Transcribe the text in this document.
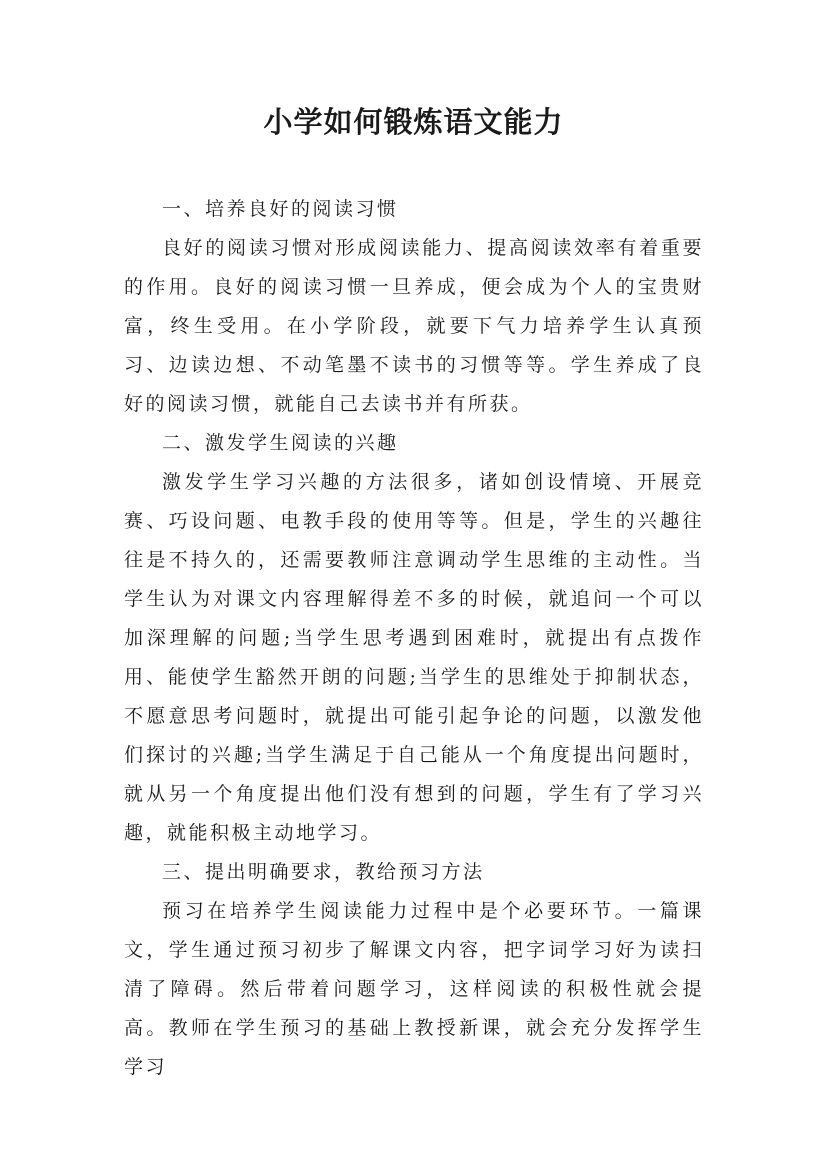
小学如何锻炼语文能力

一、培养良好的阅读习惯

良好的阅读习惯对形成阅读能力、提高阅读效率有着重要的作用。良好的阅读习惯一旦养成，便会成为个人的宝贵财富，终生受用。在小学阶段，就要下气力培养学生认真预习、边读边想、不动笔墨不读书的习惯等等。学生养成了良好的阅读习惯，就能自己去读书并有所获。

二、激发学生阅读的兴趣

激发学生学习兴趣的方法很多，诸如创设情境、开展竞赛、巧设问题、电教手段的使用等等。但是，学生的兴趣往往是不持久的，还需要教师注意调动学生思维的主动性。当学生认为对课文内容理解得差不多的时候，就追问一个可以加深理解的问题;当学生思考遇到困难时，就提出有点拨作用、能使学生豁然开朗的问题;当学生的思维处于抑制状态，不愿意思考问题时，就提出可能引起争论的问题，以激发他们探讨的兴趣;当学生满足于自己能从一个角度提出问题时，就从另一个角度提出他们没有想到的问题，学生有了学习兴趣，就能积极主动地学习。

三、提出明确要求，教给预习方法

预习在培养学生阅读能力过程中是个必要环节。一篇课文，学生通过预习初步了解课文内容，把字词学习好为读扫清了障碍。然后带着问题学习，这样阅读的积极性就会提高。教师在学生预习的基础上教授新课，就会充分发挥学生学习
